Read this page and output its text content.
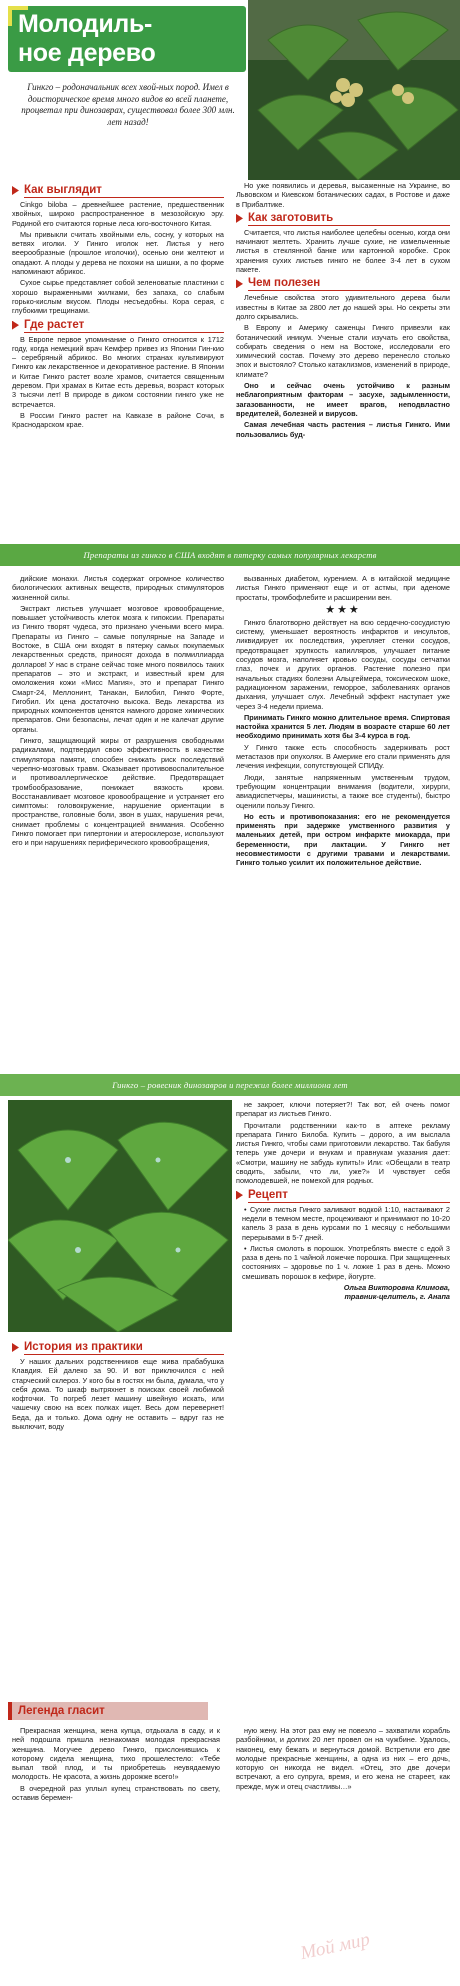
Молодиль-
ное дерево

Гинкго – родоначальник всех хвой-ных пород. Имел в доисторическое время много видов во всей планете, процветал при динозаврах, существовал более 300 млн. лет назад!

Как выглядит

Cinkgo biloba – древнейшее растение, предшественник хвойных, широко распространенное в мезозойскую эру. Родиной его считаются горные леса юго-восточного Китая.

Мы привыкли считать хвойными ель, сосну, у которых на ветвях иголки. У Гинкго иголок нет. Листья у него веерообразные (прошлое иголочки), осенью они желтеют и опадают. А плоды у дерева не похожи на шишки, а по форме напоминают абрикос.

Сухое сырье представляет собой зеленоватые пластинки с хорошо выраженными жилками, без запаха, со слабым горько-кислым вкусом. Плоды несъедобны. Кора серая, с глубокими трещинами.

Где растет

В Европе первое упоминание о Гинкго относится к 1712 году, когда немецкий врач Кемфер привез из Японии Гин-кио – серебряный абрикос. Во многих странах культивируют Гинкго как лекарственное и декоративное растение. В Японии и Китае Гинкго растет возле храмов, считается священным деревом. При храмах в Китае есть деревья, возраст которых 3 тысячи лет! В природе в диком состоянии гинкго уже не встречается.

В России Гинкго растет на Кавказе в районе Сочи, в Краснодарском крае.

Но уже появились и деревья, высаженные на Украине, во Львовском и Киевском ботанических садах, в Ростове и даже в Прибалтике.

Как заготовить

Считается, что листья наиболее целебны осенью, когда они начинают желтеть. Хранить лучше сухие, не измельченные листья в стеклянной банке или картонной коробке. Срок хранения сухих листьев гинкго не более 3-4 лет в сухом пакете.

Чем полезен

Лечебные свойства этого удивительного дерева были известны в Китае за 2800 лет до нашей эры. Но секреты эти долго скрывались.

В Европу и Америку саженцы Гинкго привезли как ботанический иникум. Ученые стали изучать его свойства, собирать сведения о нем на Востоке, исследовали его химический состав. Почему это дерево перенесло столько эпох и выстояло? Столько катаклизмов, изменений в природе, климате?

Оно и сейчас очень устойчиво к разным неблагоприятным факторам – засухе, задымленности, загазованности, не имеет врагов, неподвластно вредителей, болезней и вирусов.

Самая лечебная часть растения – листья Гинкго. Ими пользовались буд-

Препараты из гинкго в США входят в пятерку самых популярных лекарств

дийские монахи. Листья содержат огромное количество биологических активных веществ, природных стимуляторов жизненной силы.

Экстракт листьев улучшает мозговое кровообращение, повышает устойчивость клеток мозга к гипоксии. Препараты из Гинкго творят чудеса, это признано учеными всего мира. Препараты из Гинкго – самые популярные на Западе и Востоке, в США они входят в пятерку самых покупаемых лекарственных средств, приносят дохода в полмиллиарда долларов! У нас в стране сейчас тоже много появилось таких препаратов – это и экстракт, и известный крем для омоложения кожи «Мисс Магия», это и препарат Гинкго Смарт-24, Меллонинт, Танакан, Билобил, Гинкго Форте, Гигобил. Их цена достаточно высока. Ведь лекарства из природных компонентов ценятся намного дороже химических препаратов. Они безопасны, лечат один и не калечат другие органы.

Гинкго, защищающий жиры от разрушения свободными радикалами, подтвердил свою эффективность в качестве стимулятора памяти, способен снижать риск последствий черепно-мозговых травм. Оказывает противовоспалительное и противоаллергическое действие. Предотвращает тромбообразование, понижает вязкость крови. Восстанавливает мозговое кровообращение и устраняет его симптомы: головокружение, нарушение ориентации в пространстве, головные боли, звон в ушах, нарушения речи, снимает проблемы с концентрацией внимания. Особенно Гинкго помогает при гипертонии и атеросклерозе, используют его и при нарушениях периферического кровообращения,

вызванных диабетом, курением. А в китайской медицине листья Гинкго применяют еще и от астмы, при аденоме простаты, тромбофлебите и расширении вен.

★★★

Гинкго благотворно действует на всю сердечно-сосудистую систему, уменьшает вероятность инфарктов и инсультов, ликвидирует их последствия, укрепляет стенки сосудов, предотвращает хрупкость капилляров, улучшает питание сосудов мозга, наполняет кровью сосуды, сосуды сетчатки глаз, почек и других органов. Растение полезно при начальных стадиях болезни Альцгеймера, токсическом шоке, радиационном заражении, геморрое, заболеваниях органов дыхания, улучшает слух. Лечебный эффект наступает уже через 3-4 недели приема.

Принимать Гинкго можно длительное время. Спиртовая настойка хранится 5 лет. Людям в возрасте старше 60 лет необходимо принимать хотя бы 3-4 курса в год.

У Гинкго также есть способность задерживать рост метастазов при опухолях. В Америке его стали применять для лечения инфекции, сопутствующей СПИДу.

Люди, занятые напряженным умственным трудом, требующим концентрации внимания (водители, хирурги, авиадиспетчеры, машинисты, а также все студенты), быстро оценили пользу Гинкго.

Но есть и противопоказания: его не рекомендуется применять при задержке умственного развития у маленьких детей, при остром инфаркте миокарда, при беременности, при лактации. У Гинкго нет несовместимости с другими травами и лекарствами. Гинкго только усилит их положительное действие.

Гинкго – ровесник динозавров и пережил более миллиона лет
История из практики

У наших дальних родственников еще жива прабабушка Клавдия. Ей далеко за 90. И вот приключился с ней старческий склероз. У кого бы в гостях ни была, думала, что у себя дома. То шкаф вытряхнет в поисках своей любимой кофточки. То погреб лезет машину швейную искать, или чашечку свою на всех полках ищет. Весь дом перевернет! Беда, да и только. Дома одну не оставить – вдруг газ не выключит, воду

не закроет, ключи потеряет?! Так вот, ей очень помог препарат из листьев Гинкго.

Прочитали родственники как-то в аптеке рекламу препарата Гинкго Билоба. Купить – дорого, а им выслала листья Гинкго, чтобы сами приготовили лекарство. Так бабуля теперь уже дочери и внукам и правнукам указания дает: «Смотри, машину не забудь купить!» Или: «Обещали в театр сводить, забыли, что ли, уже?» И чувствует себя помолодевшей, не помехой для родных.

Рецепт

• Сухие листья Гинкго заливают водкой 1:10, настаивают 2 недели в темном месте, процеживают и принимают по 10-20 капель 3 раза в день курсами по 1 месяцу с небольшими перерывами в 5-7 дней.

• Листья смолоть в порошок. Употреблять вместе с едой 3 раза в день по 1 чайной ложечке порошка. При защищенных состояниях – здоровье по 1 ч. ложке 1 раз в день. Можно смешивать порошок в кефире, йогурте.

Ольга Викторовна Климова,
травник-целитель, г. Анапа
Легенда гласит

Прекрасная женщина, жена купца, отдыхала в саду, и к ней подошла пришла незнакомая молодая прекрасная женщина. Могучее дерево Гинкго, прислонившись к которому сидела женщина, тихо прошелестело: «Тебе выпал твой плод, и ты приобретешь неувядаемую молодость. Не красота, а жизнь дорожже всего!»

В очередной раз уплыл купец странствовать по свету, оставив беремен-

ную жену. На этот раз ему не повезло – захватили корабль разбойники, и долгих 20 лет провел он на чужбине. Удалось, наконец, ему бежать и вернуться домой. Встретили его две молодые прекрасные женщины, а одна из них – его дочь, которую он никогда не видел. «Отец, это две дочери встречают, а его супруга, время, и его жена не стареет, как прежде, муж и отец счастливы…»

Мой мир
